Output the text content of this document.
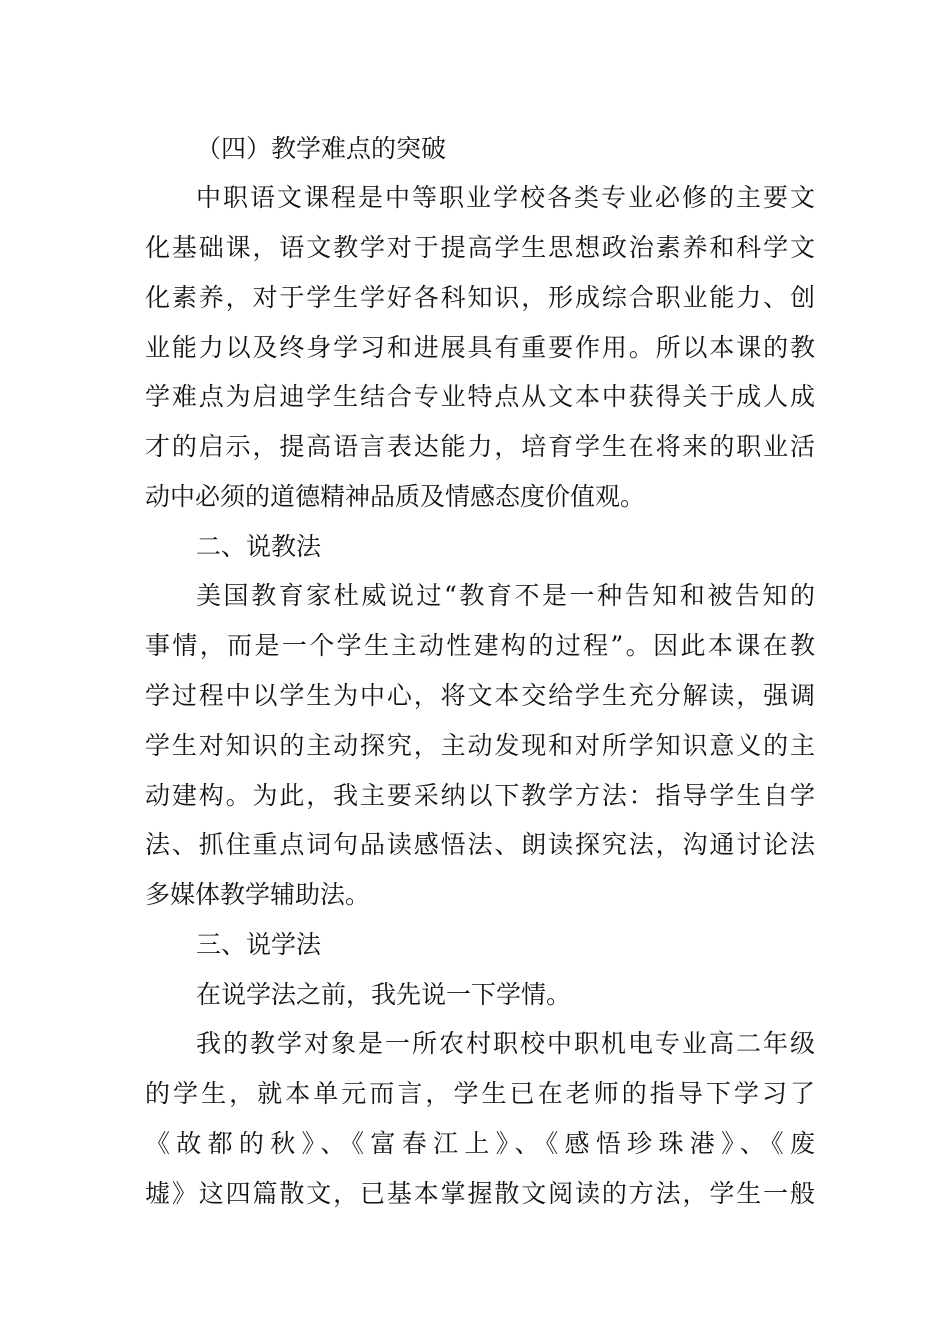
（四）教学难点的突破
中职语文课程是中等职业学校各类专业必修的主要文
化基础课，语文教学对于提高学生思想政治素养和科学文
化素养，对于学生学好各科知识，形成综合职业能力、创
业能力以及终身学习和进展具有重要作用。所以本课的教
学难点为启迪学生结合专业特点从文本中获得关于成人成
才的启示，提高语言表达能力，培育学生在将来的职业活
动中必须的道德精神品质及情感态度价值观。
二、说教法
美国教育家杜威说过“教育不是一种告知和被告知的
事情，而是一个学生主动性建构的过程”。因此本课在教
学过程中以学生为中心，将文本交给学生充分解读，强调
学生对知识的主动探究，主动发现和对所学知识意义的主
动建构。为此，我主要采纳以下教学方法：指导学生自学
法、抓住重点词句品读感悟法、朗读探究法，沟通讨论法
多媒体教学辅助法。
三、说学法
在说学法之前，我先说一下学情。
我的教学对象是一所农村职校中职机电专业高二年级
的学生，就本单元而言，学生已在老师的指导下学习了
《故都的秋》、《富春江上》、《感悟珍珠港》、《废
墟》这四篇散文，已基本掌握散文阅读的方法，学生一般
